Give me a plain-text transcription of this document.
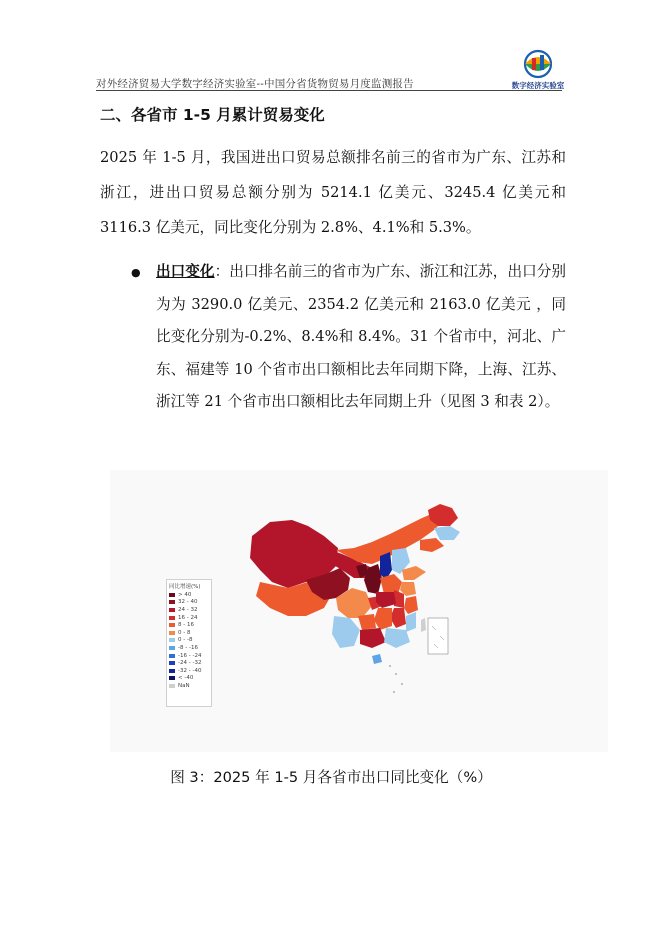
对外经济贸易大学数字经济实验室--中国分省货物贸易月度监测报告	数字经济实验室
二、各省市 1-5 月累计贸易变化
2025 年 1-5 月，我国进出口贸易总额排名前三的省市为广东、江苏和浙江，进出口贸易总额分别为 5214.1 亿美元、3245.4 亿美元和 3116.3 亿美元，同比变化分别为 2.8%、4.1%和 5.3%。
● 出口变化：出口排名前三的省市为广东、浙江和江苏，出口分别为为 3290.0 亿美元、2354.2 亿美元和 2163.0 亿美元 ，同比变化分别为-0.2%、8.4%和 8.4%。31 个省市中，河北、广东、福建等 10 个省市出口额相比去年同期下降，上海、江苏、浙江等 21 个省市出口额相比去年同期上升（见图 3 和表 2）。
同比增速(%)
> 40
32 - 40
24 - 32
16 - 24
8 - 16
0 - 8
0 - -8
-8 - -16
-16 - -24
-24 - -32
-32 - -40
< -40
NaN
图 3：2025 年 1-5 月各省市出口同比变化（%）
